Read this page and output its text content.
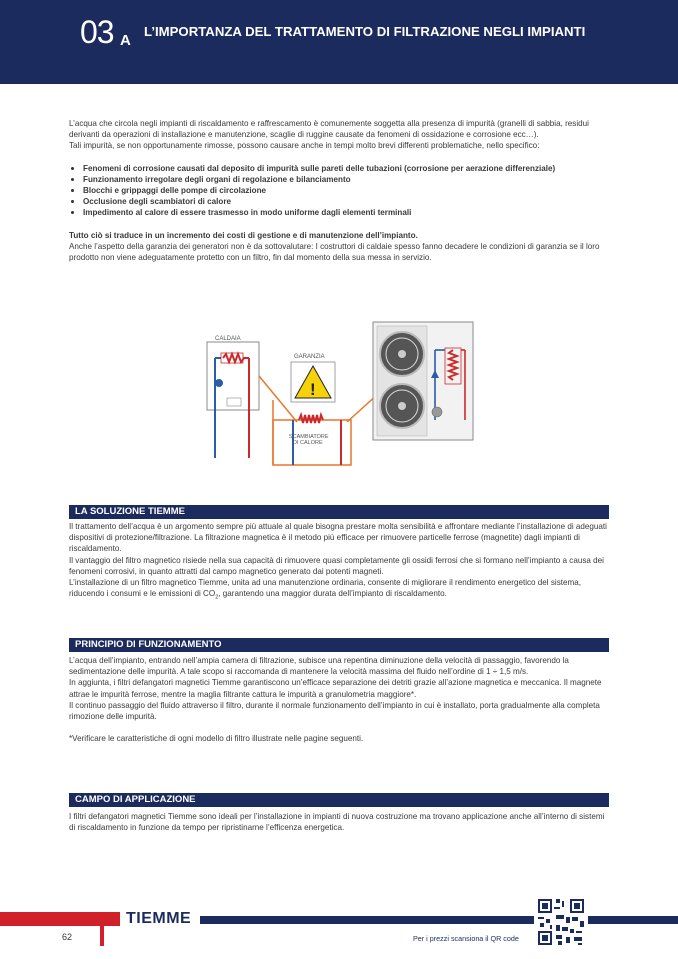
03 A
L’IMPORTANZA DEL TRATTAMENTO DI FILTRAZIONE NEGLI IMPIANTI

L’acqua che circola negli impianti di riscaldamento e raffrescamento è comunemente soggetta alla presenza di impurità (granelli di sabbia, residui derivanti da operazioni di installazione e manutenzione, scaglie di ruggine causate da fenomeni di ossidazione e corrosione ecc…).

Tali impurità, se non opportunamente rimosse, possono causare anche in tempi molto brevi differenti problematiche, nello specifico:

Fenomeni di corrosione causati dal deposito di impurità sulle pareti delle tubazioni (corrosione per aerazione differenziale)
Funzionamento irregolare degli organi di regolazione e bilanciamento
Blocchi e grippaggi delle pompe di circolazione
Occlusione degli scambiatori di calore
Impedimento al calore di essere trasmesso in modo uniforme dagli elementi terminali

Tutto ciò si traduce in un incremento dei costi di gestione e di manutenzione dell’impianto.

Anche l’aspetto della garanzia dei generatori non è da sottovalutare: I costruttori di caldaie spesso fanno decadere le condizioni di garanzia se il loro prodotto non viene adeguatamente protetto con un filtro, fin dal momento della sua messa in servizio.

CALDAIA
GARANZIA
!
SCAMBIATORE
DI CALORE
LA SOLUZIONE TIEMME

Il trattamento dell’acqua è un argomento sempre più attuale al quale bisogna prestare molta sensibilità e affrontare mediante l’installazione di adeguati dispositivi di protezione/filtrazione. La filtrazione magnetica è il metodo più efficace per rimuovere particelle ferrose (magnetite) dagli impianti di riscaldamento.

Il vantaggio del filtro magnetico risiede nella sua capacità di rimuovere quasi completamente gli ossidi ferrosi che si formano nell’impianto a causa dei fenomeni corrosivi, in quanto attratti dal campo magnetico generato dai potenti magneti.

L’installazione di un filtro magnetico Tiemme, unita ad una manutenzione ordinaria, consente di migliorare il rendimento energetico del sistema, riducendo i consumi e le emissioni di $CO_2$, garantendo una maggior durata dell’impianto di riscaldamento.

PRINCIPIO DI FUNZIONAMENTO

L’acqua dell’impianto, entrando nell’ampia camera di filtrazione, subisce una repentina diminuzione della velocità di passaggio, favorendo la sedimentazione delle impurità. A tale scopo si raccomanda di mantenere la velocità massima del fluido nell’ordine di 1 ÷ 1,5 m/s.

In aggiunta, i filtri defangatori magnetici Tiemme garantiscono un’efficace separazione dei detriti grazie all’azione magnetica e meccanica. Il magnete attrae le impurità ferrose, mentre la maglia filtrante cattura le impurità a granulometria maggiore*.

Il continuo passaggio del fluido attraverso il filtro, durante il normale funzionamento dell’impianto in cui è installato, porta gradualmente alla completa rimozione delle impurità.

*Verificare le caratteristiche di ogni modello di filtro illustrate nelle pagine seguenti.

CAMPO DI APPLICAZIONE

I filtri defangatori magnetici Tiemme sono ideali per l’installazione in impianti di nuova costruzione ma trovano applicazione anche all’interno di sistemi di riscaldamento in funzione da tempo per ripristinarne l’efficenza energetica.

TIEMME
62	Per i prezzi scansiona il QR code
